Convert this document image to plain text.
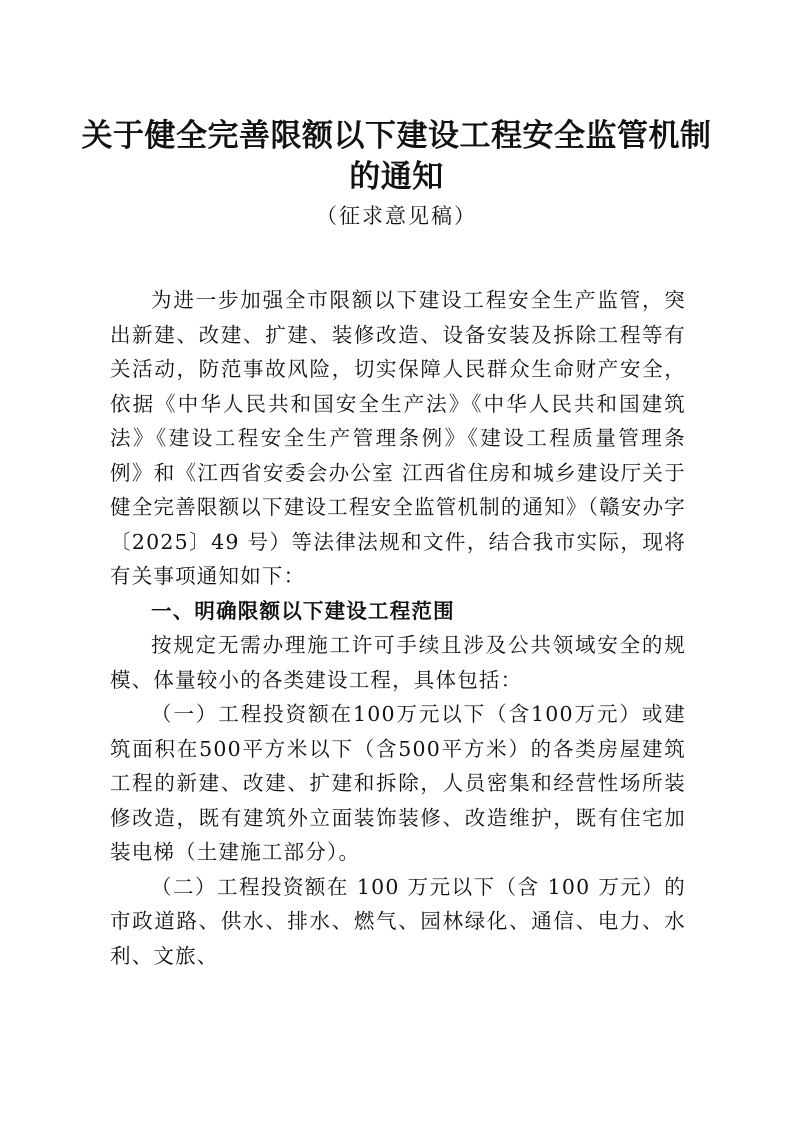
关于健全完善限额以下建设工程安全监管机制
的通知
（征求意见稿）

为进一步加强全市限额以下建设工程安全生产监管，突出新建、改建、扩建、装修改造、设备安装及拆除工程等有关活动，防范事故风险，切实保障人民群众生命财产安全，依据《中华人民共和国安全生产法》《中华人民共和国建筑法》《建设工程安全生产管理条例》《建设工程质量管理条例》和《江西省安委会办公室 江西省住房和城乡建设厅关于健全完善限额以下建设工程安全监管机制的通知》（赣安办字〔2025〕49 号）等法律法规和文件，结合我市实际，现将有关事项通知如下：

一、明确限额以下建设工程范围

按规定无需办理施工许可手续且涉及公共领域安全的规模、体量较小的各类建设工程，具体包括：

（一）工程投资额在100万元以下（含100万元）或建筑面积在500平方米以下（含500平方米）的各类房屋建筑工程的新建、改建、扩建和拆除，人员密集和经营性场所装修改造，既有建筑外立面装饰装修、改造维护，既有住宅加装电梯（土建施工部分）。

（二）工程投资额在 100 万元以下（含 100 万元）的市政道路、供水、排水、燃气、园林绿化、通信、电力、水利、文旅、
